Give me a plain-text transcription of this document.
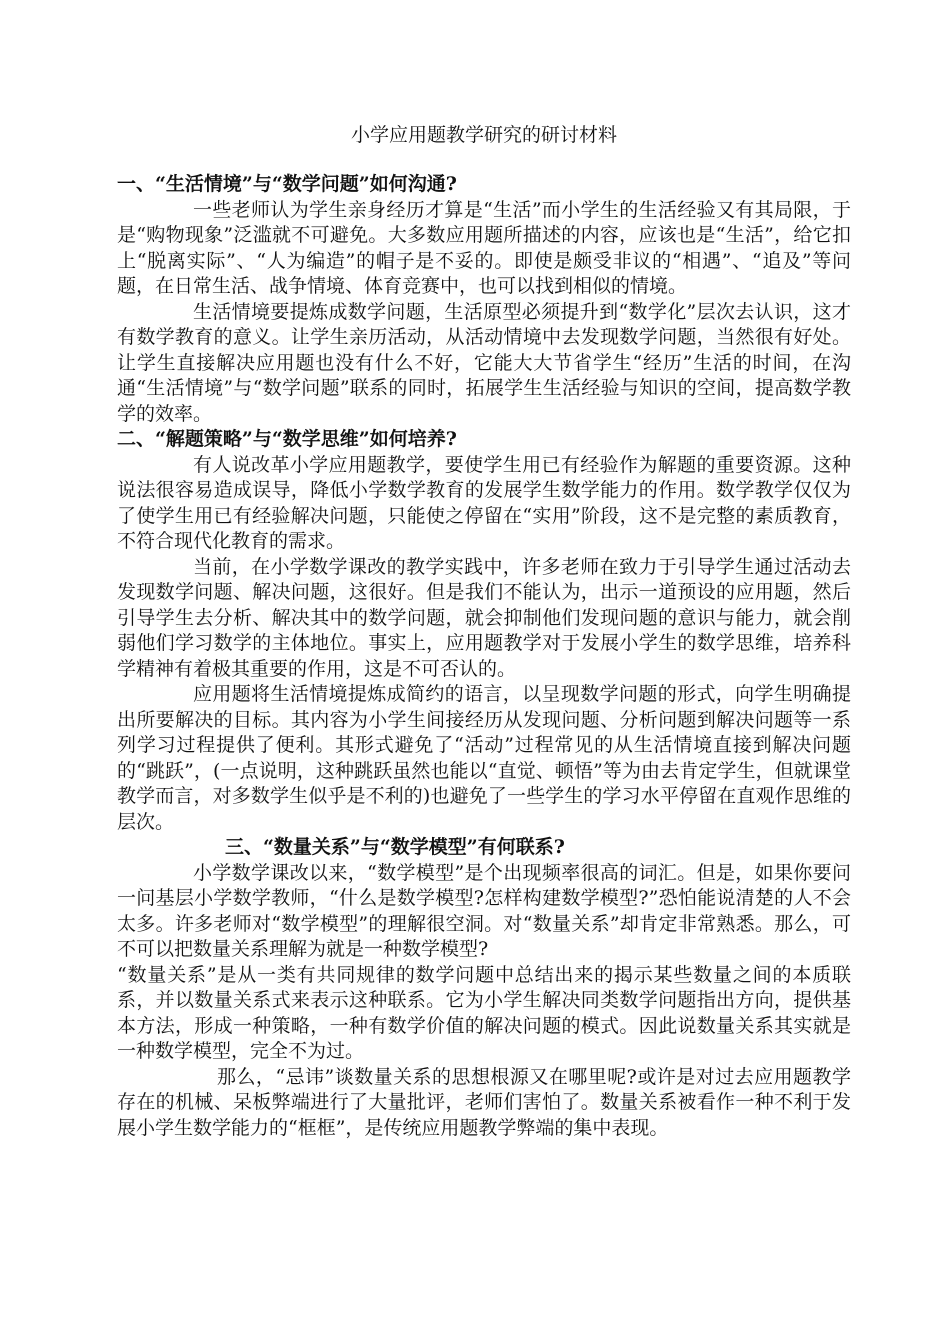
小学应用题教学研究的研讨材料
一、“生活情境”与“数学问题”如何沟通?

一些老师认为学生亲身经历才算是“生活”而小学生的生活经验又有其局限，于是“购物现象”泛滥就不可避免。大多数应用题所描述的内容，应该也是“生活”，给它扣上“脱离实际”、“人为编造”的帽子是不妥的。即使是颇受非议的“相遇”、“追及”等问题，在日常生活、战争情境、体育竞赛中，也可以找到相似的情境。

生活情境要提炼成数学问题，生活原型必须提升到“数学化”层次去认识，这才有数学教育的意义。让学生亲历活动，从活动情境中去发现数学问题，当然很有好处。让学生直接解决应用题也没有什么不好，它能大大节省学生“经历”生活的时间，在沟通“生活情境”与“数学问题”联系的同时，拓展学生生活经验与知识的空间，提高数学教学的效率。

二、“解题策略”与“数学思维”如何培养?

有人说改革小学应用题教学，要使学生用已有经验作为解题的重要资源。这种说法很容易造成误导，降低小学数学教育的发展学生数学能力的作用。数学教学仅仅为了使学生用已有经验解决问题，只能使之停留在“实用”阶段，这不是完整的素质教育，不符合现代化教育的需求。

当前，在小学数学课改的教学实践中，许多老师在致力于引导学生通过活动去发现数学问题、解决问题，这很好。但是我们不能认为，出示一道预设的应用题，然后引导学生去分析、解决其中的数学问题，就会抑制他们发现问题的意识与能力，就会削弱他们学习数学的主体地位。事实上，应用题教学对于发展小学生的数学思维，培养科学精神有着极其重要的作用，这是不可否认的。

应用题将生活情境提炼成简约的语言，以呈现数学问题的形式，向学生明确提出所要解决的目标。其内容为小学生间接经历从发现问题、分析问题到解决问题等一系列学习过程提供了便利。其形式避免了“活动”过程常见的从生活情境直接到解决问题的“跳跃”，(一点说明，这种跳跃虽然也能以“直觉、顿悟”等为由去肯定学生，但就课堂教学而言，对多数学生似乎是不利的)也避免了一些学生的学习水平停留在直观作思维的层次。

三、“数量关系”与“数学模型”有何联系?

小学数学课改以来，“数学模型”是个出现频率很高的词汇。但是，如果你要问一问基层小学数学教师，“什么是数学模型?怎样构建数学模型?”恐怕能说清楚的人不会太多。许多老师对“数学模型”的理解很空洞。对“数量关系”却肯定非常熟悉。那么，可不可以把数量关系理解为就是一种数学模型?

“数量关系”是从一类有共同规律的数学问题中总结出来的揭示某些数量之间的本质联系，并以数量关系式来表示这种联系。它为小学生解决同类数学问题指出方向，提供基本方法，形成一种策略，一种有数学价值的解决问题的模式。因此说数量关系其实就是一种数学模型，完全不为过。

那么，“忌讳”谈数量关系的思想根源又在哪里呢?或许是对过去应用题教学存在的机械、呆板弊端进行了大量批评，老师们害怕了。数量关系被看作一种不利于发展小学生数学能力的“框框”，是传统应用题教学弊端的集中表现。
